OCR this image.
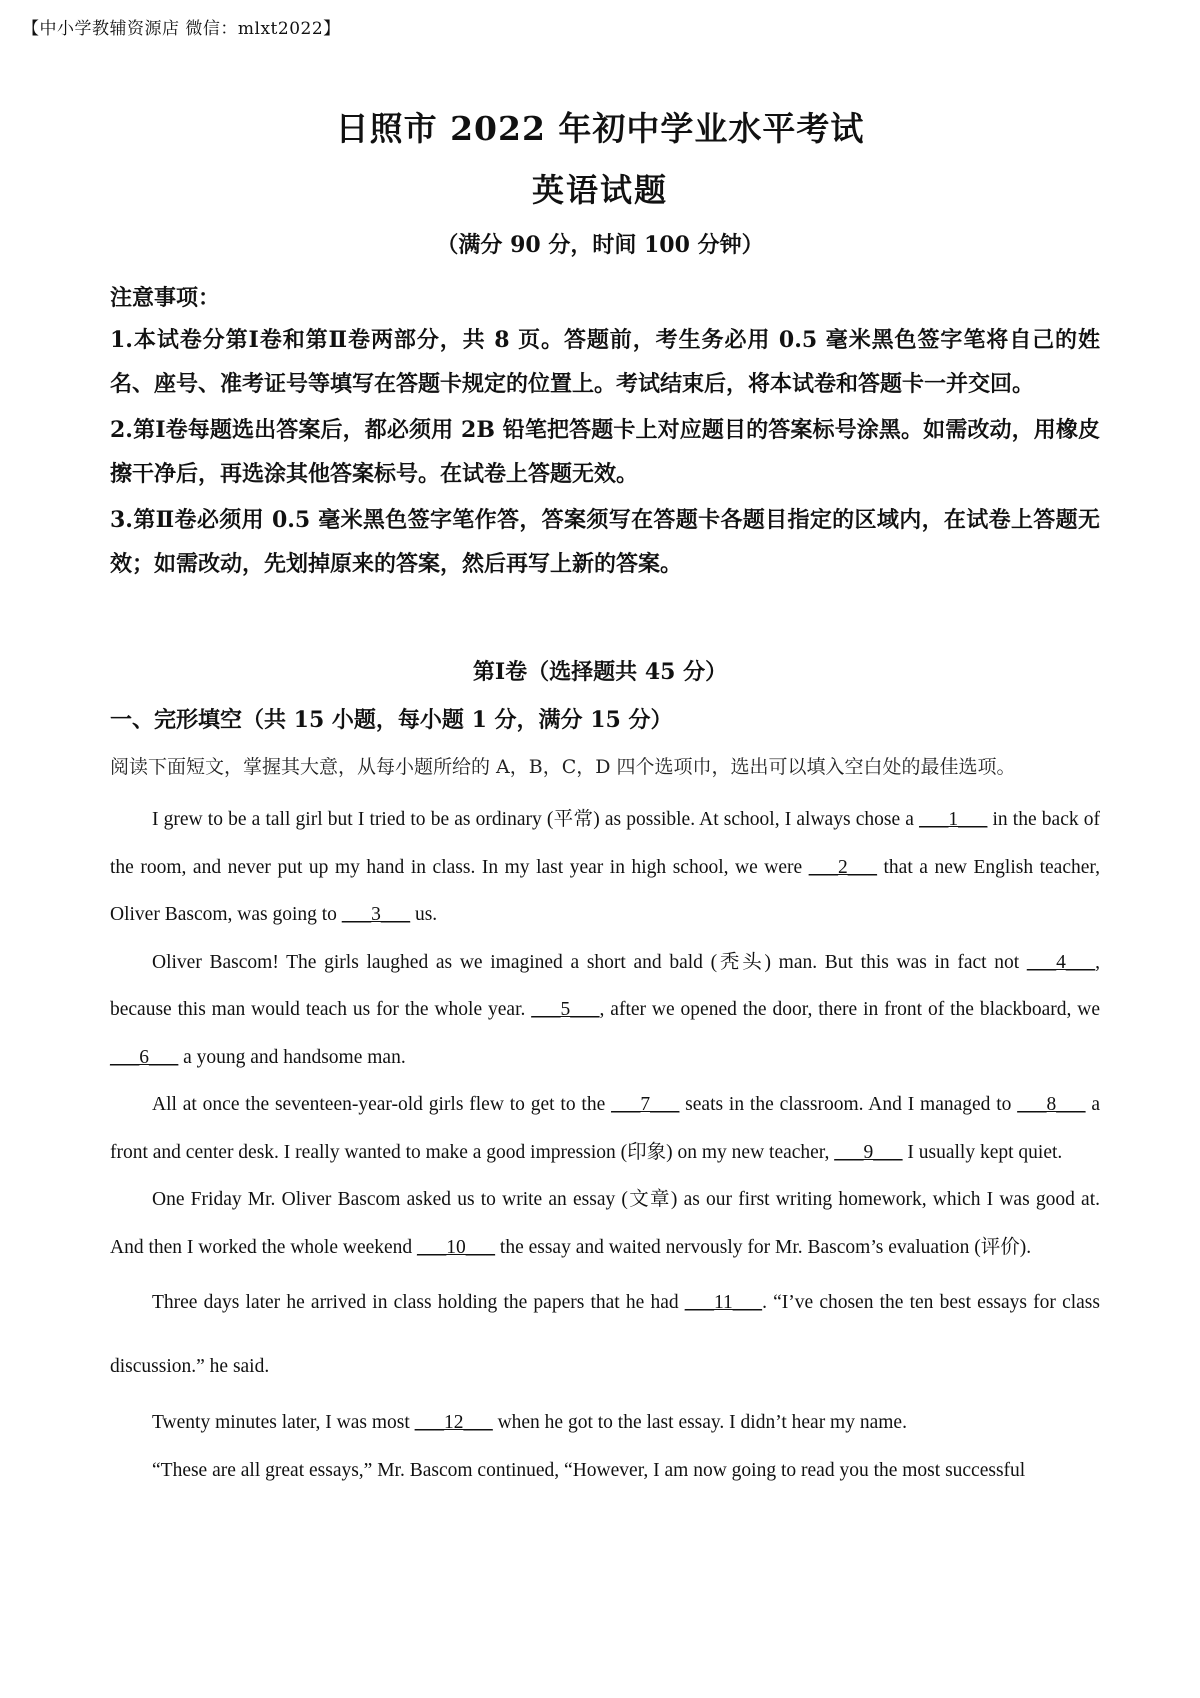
【中小学教辅资源店 微信：mlxt2022】
日照市 2022 年初中学业水平考试
英语试题
（满分 90 分，时间 100 分钟）
注意事项：

1.本试卷分第Ⅰ卷和第Ⅱ卷两部分，共 8 页。答题前，考生务必用 0.5 毫米黑色签字笔将自己的姓名、座号、准考证号等填写在答题卡规定的位置上。考试结束后，将本试卷和答题卡一并交回。

2.第Ⅰ卷每题选出答案后，都必须用 2B 铅笔把答题卡上对应题目的答案标号涂黑。如需改动，用橡皮擦干净后，再选涂其他答案标号。在试卷上答题无效。

3.第Ⅱ卷必须用 0.5 毫米黑色签字笔作答，答案须写在答题卡各题目指定的区域内，在试卷上答题无效；如需改动，先划掉原来的答案，然后再写上新的答案。

第Ⅰ卷（选择题共 45 分）
一、完形填空（共 15 小题，每小题 1 分，满分 15 分）
阅读下面短文，掌握其大意，从每小题所给的 A，B，C，D 四个选项巾，选出可以填入空白处的最佳选项。

I grew to be a tall girl but I tried to be as ordinary (平常) as possible. At school, I always chose a ___1___ in the back of the room, and never put up my hand in class. In my last year in high school, we were ___2___ that a new English teacher, Oliver Bascom, was going to ___3___ us.

Oliver Bascom! The girls laughed as we imagined a short and bald (秃头) man. But this was in fact not ___4___, because this man would teach us for the whole year. ___5___, after we opened the door, there in front of the blackboard, we ___6___ a young and handsome man.

All at once the seventeen-year-old girls flew to get to the ___7___ seats in the classroom. And I managed to ___8___ a front and center desk. I really wanted to make a good impression (印象) on my new teacher, ___9___ I usually kept quiet.

One Friday Mr. Oliver Bascom asked us to write an essay (文章) as our first writing homework, which I was good at. And then I worked the whole weekend ___10___ the essay and waited nervously for Mr. Bascom’s evaluation (评价).

Three days later he arrived in class holding the papers that he had ___11___. “I’ve chosen the ten best essays for class discussion.” he said.

Twenty minutes later, I was most ___12___ when he got to the last essay. I didn’t hear my name.

“These are all great essays,” Mr. Bascom continued, “However, I am now going to read you the most successful
